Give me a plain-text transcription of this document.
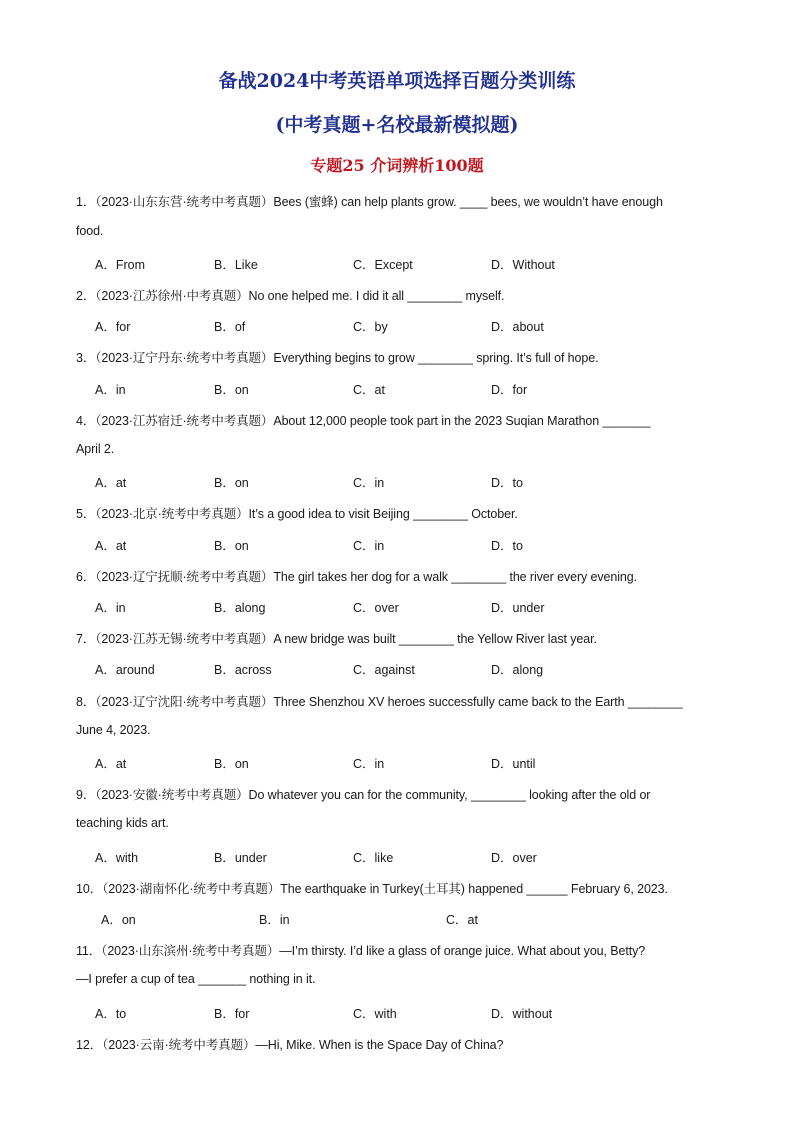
备战2024中考英语单项选择百题分类训练
(中考真题+名校最新模拟题)
专题25 介词辨析100题
1．（2023·山东东营·统考中考真题）Bees (蜜蜂) can help plants grow. ____ bees, we wouldn’t have enough
food.
A．From	B．Like	C．Except	D．Without
2．（2023·江苏徐州·中考真题）No one helped me. I did it all ________ myself.
A．for	B．of	C．by	D．about
3．（2023·辽宁丹东·统考中考真题）Everything begins to grow ________ spring. It’s full of hope.
A．in	B．on	C．at	D．for
4．（2023·江苏宿迁·统考中考真题）About 12,000 people took part in the 2023 Suqian Marathon _______
April 2.
A．at	B．on	C．in	D．to
5．（2023·北京·统考中考真题）It’s a good idea to visit Beijing ________ October.
A．at	B．on	C．in	D．to
6．（2023·辽宁抚顺·统考中考真题）The girl takes her dog for a walk ________ the river every evening.
A．in	B．along	C．over	D．under
7．（2023·江苏无锡·统考中考真题）A new bridge was built ________ the Yellow River last year.
A．around	B．across	C．against	D．along
8．（2023·辽宁沈阳·统考中考真题）Three Shenzhou XV heroes successfully came back to the Earth ________
June 4, 2023.
A．at	B．on	C．in	D．until
9．（2023·安徽·统考中考真题）Do whatever you can for the community, ________ looking after the old or
teaching kids art.
A．with	B．under	C．like	D．over
10．（2023·湖南怀化·统考中考真题）The earthquake in Turkey(土耳其) happened ______ February 6, 2023.
A．on	B．in	C．at
11．（2023·山东滨州·统考中考真题）—I’m thirsty. I’d like a glass of orange juice. What about you, Betty?
—I prefer a cup of tea _______ nothing in it.
A．to	B．for	C．with	D．without
12．（2023·云南·统考中考真题）—Hi, Mike. When is the Space Day of China?
